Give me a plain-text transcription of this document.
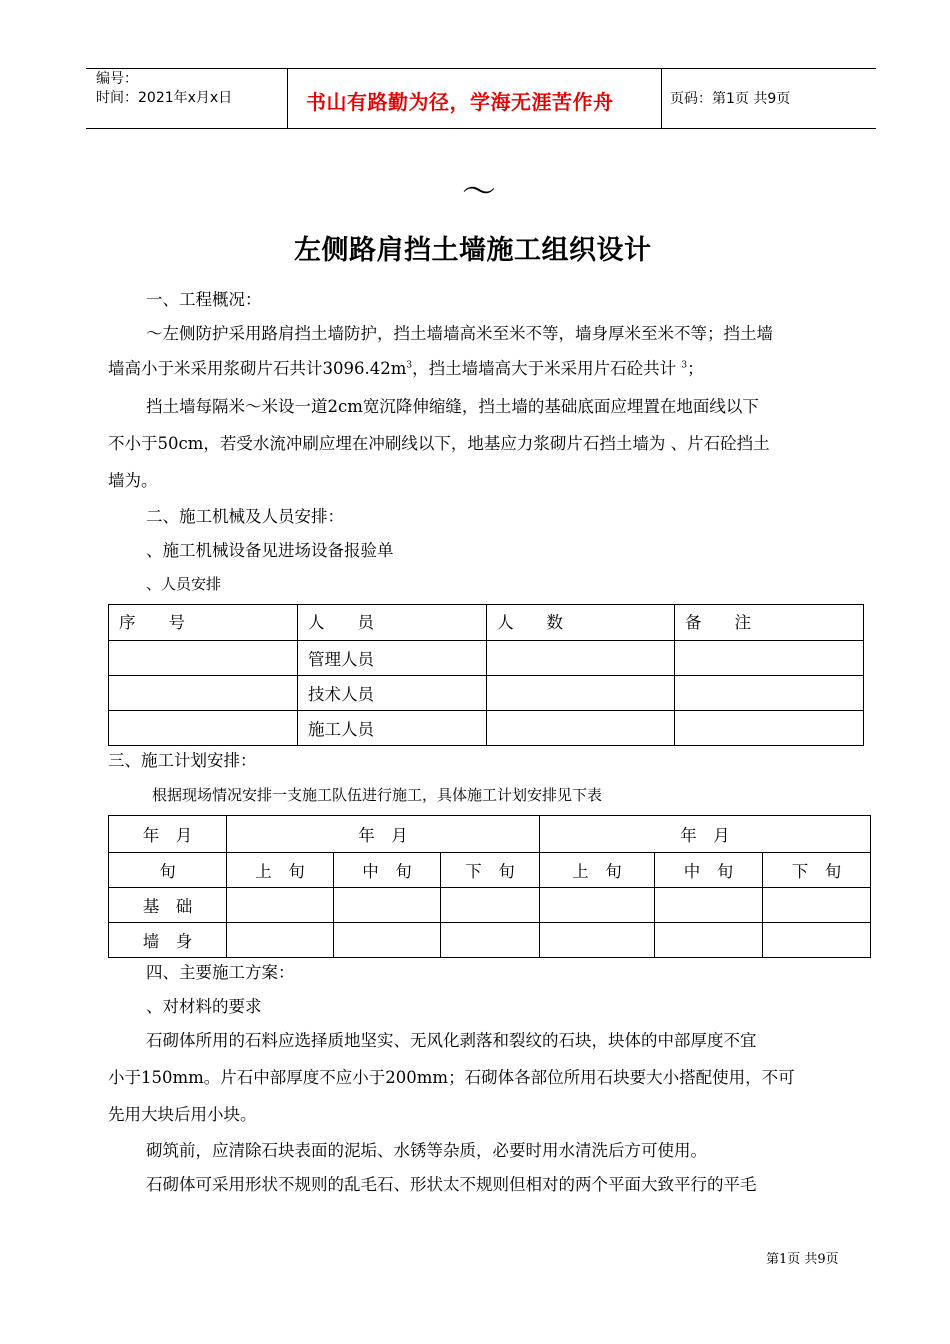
编号：
时间：2021年x月x日	书山有路勤为径，学海无涯苦作舟	页码：第1页 共9页
～
左侧路肩挡土墙施工组织设计
一、工程概况：
～左侧防护采用路肩挡土墙防护，挡土墙墙高米至米不等，墙身厚米至米不等；挡土墙
墙高小于米采用浆砌片石共计$3096.42m^3$，挡土墙墙高大于米采用片石砼共计 $^3$；
挡土墙每隔米～米设一道2cm宽沉降伸缩缝，挡土墙的基础底面应埋置在地面线以下
不小于50cm，若受水流冲刷应埋在冲刷线以下，地基应力浆砌片石挡土墙为 、片石砼挡土
墙为。
二、施工机械及人员安排：
、施工机械设备见进场设备报验单
、人员安排
序　　号	人　　员	人　　数	备　　注
	管理人员		
	技术人员		
	施工人员		
三、施工计划安排：
根据现场情况安排一支施工队伍进行施工，具体施工计划安排见下表
年　月	年　月			年　月		
旬	上　旬	中　旬	下　旬	上　旬	中　旬	下　旬
基　础						
墙　身						
四、主要施工方案：
、对材料的要求
石砌体所用的石料应选择质地坚实、无风化剥落和裂纹的石块，块体的中部厚度不宜
小于150mm。片石中部厚度不应小于200mm；石砌体各部位所用石块要大小搭配使用，不可
先用大块后用小块。
砌筑前，应清除石块表面的泥垢、水锈等杂质，必要时用水清洗后方可使用。
石砌体可采用形状不规则的乱毛石、形状太不规则但相对的两个平面大致平行的平毛
第1页 共9页
